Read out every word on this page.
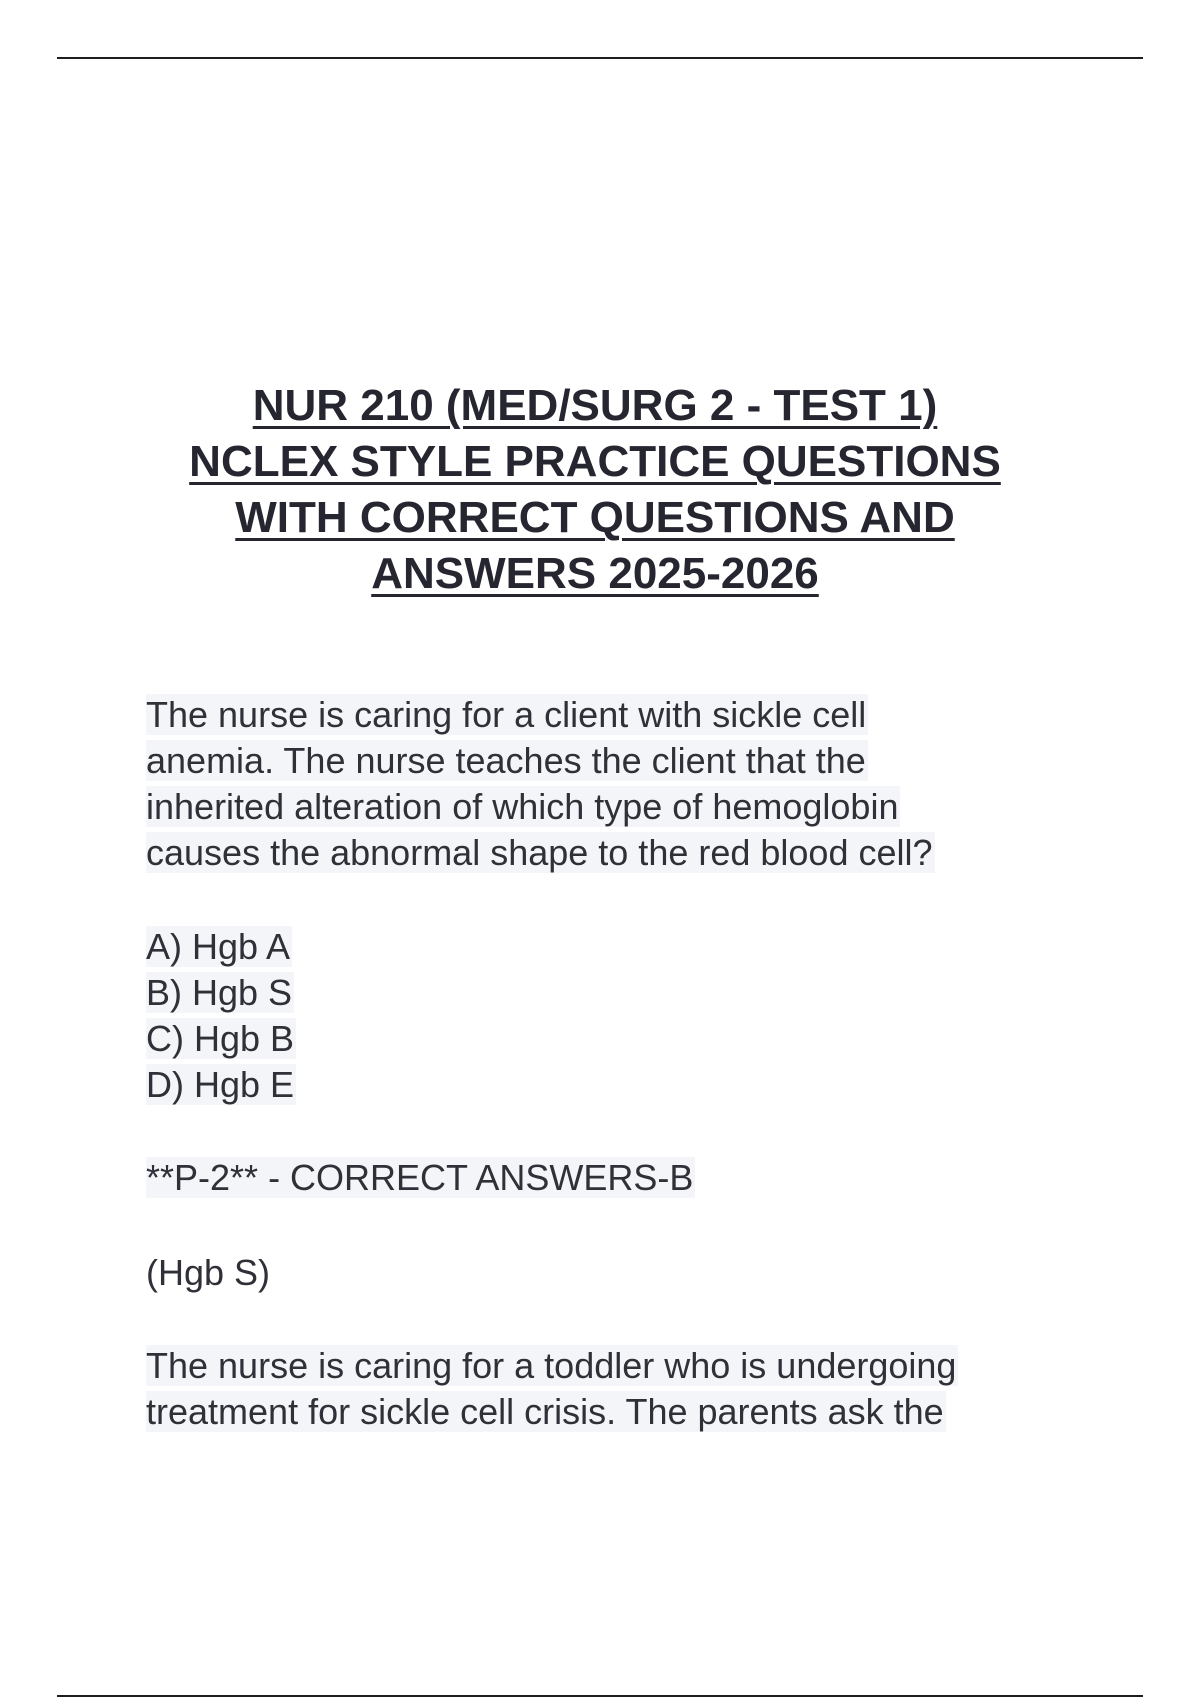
NUR 210 (MED/SURG 2 - TEST 1)
NCLEX STYLE PRACTICE QUESTIONS
WITH CORRECT QUESTIONS AND
ANSWERS 2025-2026
The nurse is caring for a client with sickle cell
anemia. The nurse teaches the client that the
inherited alteration of which type of hemoglobin
causes the abnormal shape to the red blood cell?
A) Hgb A
B) Hgb S
C) Hgb B
D) Hgb E
**P-2** - CORRECT ANSWERS-B
(Hgb S)
The nurse is caring for a toddler who is undergoing
treatment for sickle cell crisis. The parents ask the
